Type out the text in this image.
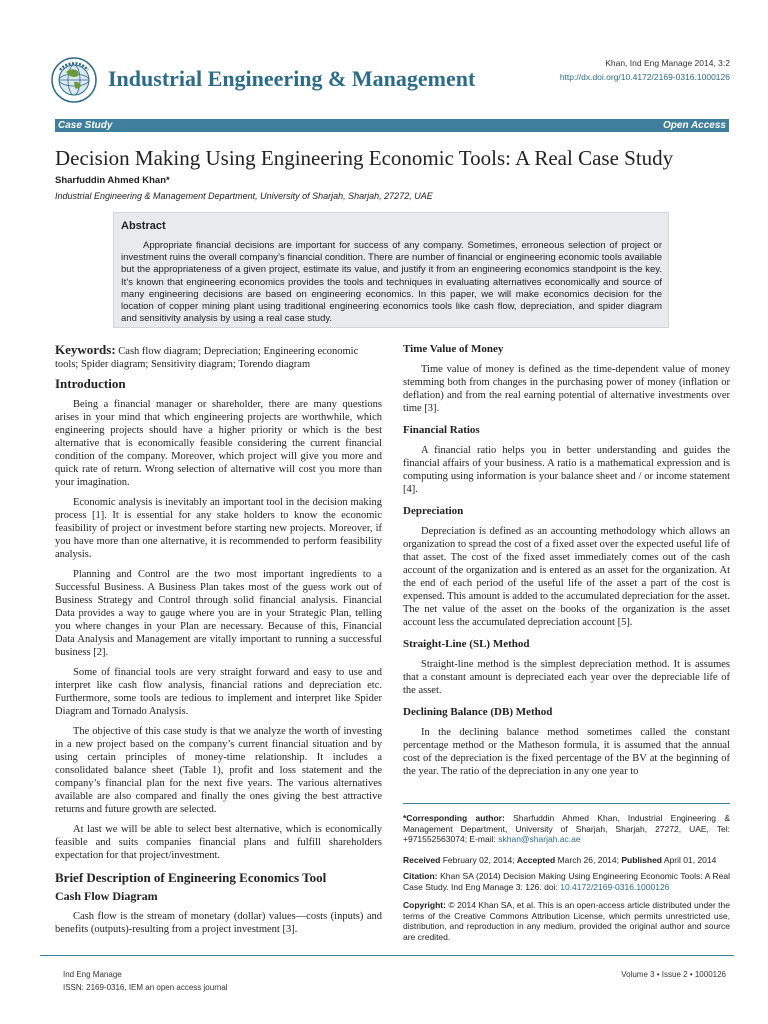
Industrial Engineering & Management
Khan, Ind Eng Manage 2014, 3:2
http://dx.doi.org/10.4172/2169-0316.1000126
Case Study	Open Access
Decision Making Using Engineering Economic Tools: A Real Case Study
Sharfuddin Ahmed Khan*
Industrial Engineering & Management Department, University of Sharjah, Sharjah, 27272, UAE
Abstract
Appropriate financial decisions are important for success of any company. Sometimes, erroneous selection of project or investment ruins the overall company’s financial condition. There are number of financial or engineering economic tools available but the appropriateness of a given project, estimate its value, and justify it from an engineering economics standpoint is the key. It’s known that engineering economics provides the tools and techniques in evaluating alternatives economically and source of many engineering decisions are based on engineering economics. In this paper, we will make economics decision for the location of copper mining plant using traditional engineering economics tools like cash flow, depreciation, and spider diagram and sensitivity analysis by using a real case study.
Keywords: Cash flow diagram; Depreciation; Engineering economic tools; Spider diagram; Sensitivity diagram; Torendo diagram
Introduction

Being a financial manager or shareholder, there are many questions arises in your mind that which engineering projects are worthwhile, which engineering projects should have a higher priority or which is the best alternative that is economically feasible considering the current financial condition of the company. Moreover, which project will give you more and quick rate of return. Wrong selection of alternative will cost you more than your imagination.

Economic analysis is inevitably an important tool in the decision making process [1]. It is essential for any stake holders to know the economic feasibility of project or investment before starting new projects. Moreover, if you have more than one alternative, it is recommended to perform feasibility analysis.

Planning and Control are the two most important ingredients to a Successful Business. A Business Plan takes most of the guess work out of Business Strategy and Control through solid financial analysis. Financial Data provides a way to gauge where you are in your Strategic Plan, telling you where changes in your Plan are necessary. Because of this, Financial Data Analysis and Management are vitally important to running a successful business [2].

Some of financial tools are very straight forward and easy to use and interpret like cash flow analysis, financial rations and depreciation etc. Furthermore, some tools are tedious to implement and interpret like Spider Diagram and Tornado Analysis.

The objective of this case study is that we analyze the worth of investing in a new project based on the company’s current financial situation and by using certain principles of money-time relationship. It includes a consolidated balance sheet (Table 1), profit and loss statement and the company’s financial plan for the next five years. The various alternatives available are also compared and finally the ones giving the best attractive returns and future growth are selected.

At last we will be able to select best alternative, which is economically feasible and suits companies financial plans and fulfill shareholders expectation for that project/investment.

Brief Description of Engineering Economics Tool
Cash Flow Diagram

Cash flow is the stream of monetary (dollar) values—costs (inputs) and benefits (outputs)-resulting from a project investment [3].

Time Value of Money

Time value of money is defined as the time-dependent value of money stemming both from changes in the purchasing power of money (inflation or deflation) and from the real earning potential of alternative investments over time [3].

Financial Ratios

A financial ratio helps you in better understanding and guides the financial affairs of your business. A ratio is a mathematical expression and is computing using information is your balance sheet and / or income statement [4].

Depreciation

Depreciation is defined as an accounting methodology which allows an organization to spread the cost of a fixed asset over the expected useful life of that asset. The cost of the fixed asset immediately comes out of the cash account of the organization and is entered as an asset for the organization. At the end of each period of the useful life of the asset a part of the cost is expensed. This amount is added to the accumulated depreciation for the asset. The net value of the asset on the books of the organization is the asset account less the accumulated depreciation account [5].

Straight-Line (SL) Method

Straight-line method is the simplest depreciation method. It is assumes that a constant amount is depreciated each year over the depreciable life of the asset.

Declining Balance (DB) Method

In the declining balance method sometimes called the constant percentage method or the Matheson formula, it is assumed that the annual cost of the depreciation is the fixed percentage of the BV at the beginning of the year. The ratio of the depreciation in any one year to

*Corresponding author: Sharfuddin Ahmed Khan, Industrial Engineering & Management Department, University of Sharjah, Sharjah, 27272, UAE, Tel: +971552563074; E-mail: skhan@sharjah.ac.ae
Received February 02, 2014; Accepted March 26, 2014; Published April 01, 2014
Citation: Khan SA (2014) Decision Making Using Engineering Economic Tools: A Real Case Study. Ind Eng Manage 3: 126. doi: 10.4172/2169-0316.1000126
Copyright: © 2014 Khan SA, et al. This is an open-access article distributed under the terms of the Creative Commons Attribution License, which permits unrestricted use, distribution, and reproduction in any medium, provided the original author and source are credited.
Ind Eng Manage
ISSN: 2169-0316, IEM an open access journal
Volume 3 • Issue 2 • 1000126
